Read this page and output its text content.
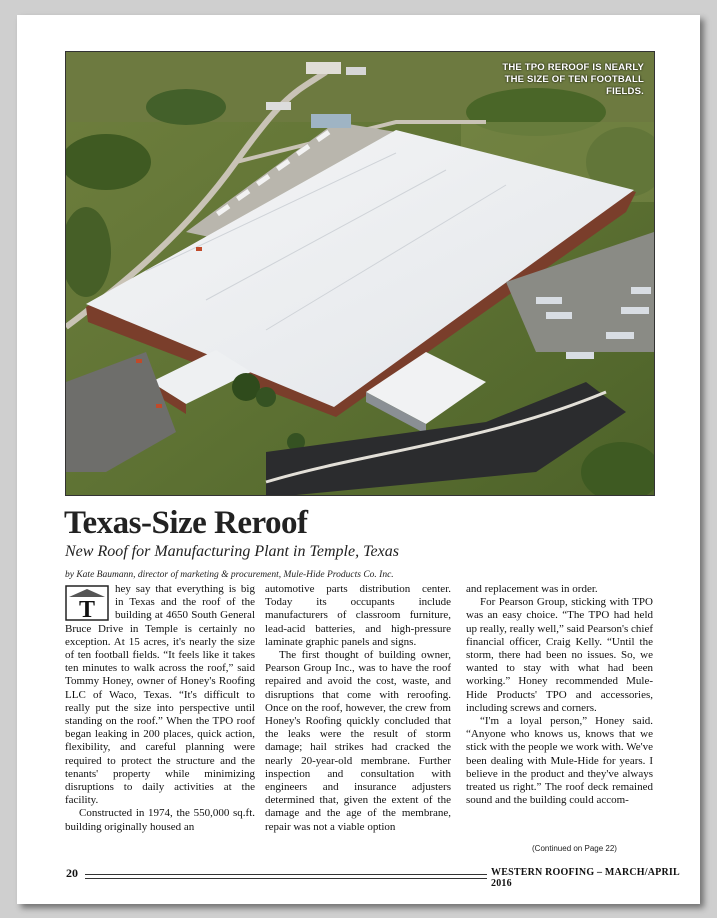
THE TPO REROOF IS NEARLY THE SIZE OF TEN FOOTBALL FIELDS.
Texas-Size Reroof
New Roof for Manufacturing Plant in Temple, Texas
by Kate Baumann, director of marketing & procurement, Mule-Hide Products Co. Inc.
T

hey say that everything is big in Texas and the roof of the building at 4650 South General Bruce Drive in Temple is certainly no exception. At 15 acres, it's nearly the size of ten football fields. “It feels like it takes ten minutes to walk across the roof,” said Tommy Honey, owner of Honey's Roofing LLC of Waco, Texas. “It's difficult to really put the size into perspective until standing on the roof.” When the TPO roof began leaking in 200 places, quick action, flexibility, and careful planning were required to protect the structure and the tenants' property while minimizing disruptions to daily activities at the facility.

Constructed in 1974, the 550,000 sq.ft. building originally housed an

automotive parts distribution center. Today its occupants include manufacturers of classroom furniture, lead-acid batteries, and high-pressure laminate graphic panels and signs.

The first thought of building owner, Pearson Group Inc., was to have the roof repaired and avoid the cost, waste, and disruptions that come with reroofing. Once on the roof, however, the crew from Honey's Roofing quickly concluded that the leaks were the result of storm damage; hail strikes had cracked the nearly 20-year-old membrane. Further inspection and consultation with engineers and insurance adjusters determined that, given the extent of the damage and the age of the membrane, repair was not a viable option

and replacement was in order.

For Pearson Group, sticking with TPO was an easy choice. “The TPO had held up really, really well,” said Pearson's chief financial officer, Craig Kelly. “Until the storm, there had been no issues. So, we wanted to stay with what had been working.” Honey recommended Mule-Hide Products' TPO and accessories, including screws and corners.

“I'm a loyal person,” Honey said. “Anyone who knows us, knows that we stick with the people we work with. We've been dealing with Mule-Hide for years. I believe in the product and they've always treated us right.” The roof deck remained sound and the building could accom-

(Continued on Page 22)
20	WESTERN ROOFING – MARCH/APRIL 2016
